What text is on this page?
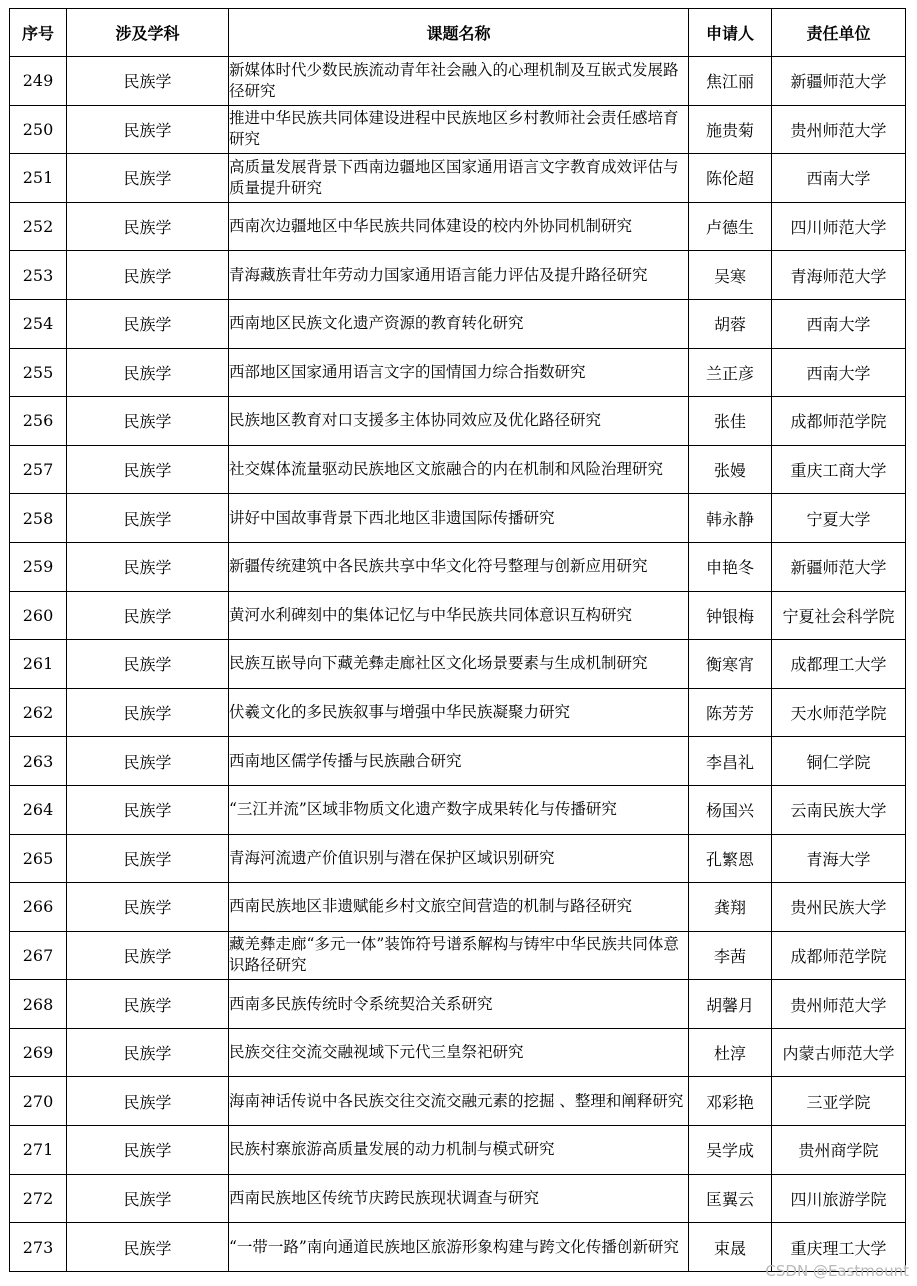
序号	涉及学科	课题名称	申请人	责任单位
249	民族学	新媒体时代少数民族流动青年社会融入的心理机制及互嵌式发展路径研究	焦江丽	新疆师范大学
250	民族学	推进中华民族共同体建设进程中民族地区乡村教师社会责任感培育研究	施贵菊	贵州师范大学
251	民族学	高质量发展背景下西南边疆地区国家通用语言文字教育成效评估与质量提升研究	陈伦超	西南大学
252	民族学	西南次边疆地区中华民族共同体建设的校内外协同机制研究	卢德生	四川师范大学
253	民族学	青海藏族青壮年劳动力国家通用语言能力评估及提升路径研究	吴寒	青海师范大学
254	民族学	西南地区民族文化遗产资源的教育转化研究	胡蓉	西南大学
255	民族学	西部地区国家通用语言文字的国情国力综合指数研究	兰正彦	西南大学
256	民族学	民族地区教育对口支援多主体协同效应及优化路径研究	张佳	成都师范学院
257	民族学	社交媒体流量驱动民族地区文旅融合的内在机制和风险治理研究	张嫚	重庆工商大学
258	民族学	讲好中国故事背景下西北地区非遗国际传播研究	韩永静	宁夏大学
259	民族学	新疆传统建筑中各民族共享中华文化符号整理与创新应用研究	申艳冬	新疆师范大学
260	民族学	黄河水利碑刻中的集体记忆与中华民族共同体意识互构研究	钟银梅	宁夏社会科学院
261	民族学	民族互嵌导向下藏羌彝走廊社区文化场景要素与生成机制研究	衡寒宵	成都理工大学
262	民族学	伏羲文化的多民族叙事与增强中华民族凝聚力研究	陈芳芳	天水师范学院
263	民族学	西南地区儒学传播与民族融合研究	李昌礼	铜仁学院
264	民族学	“三江并流”区域非物质文化遗产数字成果转化与传播研究	杨国兴	云南民族大学
265	民族学	青海河流遗产价值识别与潜在保护区域识别研究	孔繁恩	青海大学
266	民族学	西南民族地区非遗赋能乡村文旅空间营造的机制与路径研究	龚翔	贵州民族大学
267	民族学	藏羌彝走廊“多元一体”装饰符号谱系解构与铸牢中华民族共同体意识路径研究	李茜	成都师范学院
268	民族学	西南多民族传统时令系统契洽关系研究	胡馨月	贵州师范大学
269	民族学	民族交往交流交融视域下元代三皇祭祀研究	杜淳	内蒙古师范大学
270	民族学	海南神话传说中各民族交往交流交融元素的挖掘 、整理和阐释研究	邓彩艳	三亚学院
271	民族学	民族村寨旅游高质量发展的动力机制与模式研究	吴学成	贵州商学院
272	民族学	西南民族地区传统节庆跨民族现状调查与研究	匡翼云	四川旅游学院
273	民族学	“一带一路”南向通道民族地区旅游形象构建与跨文化传播创新研究	束晟	重庆理工大学
CSDN @Eastmount
